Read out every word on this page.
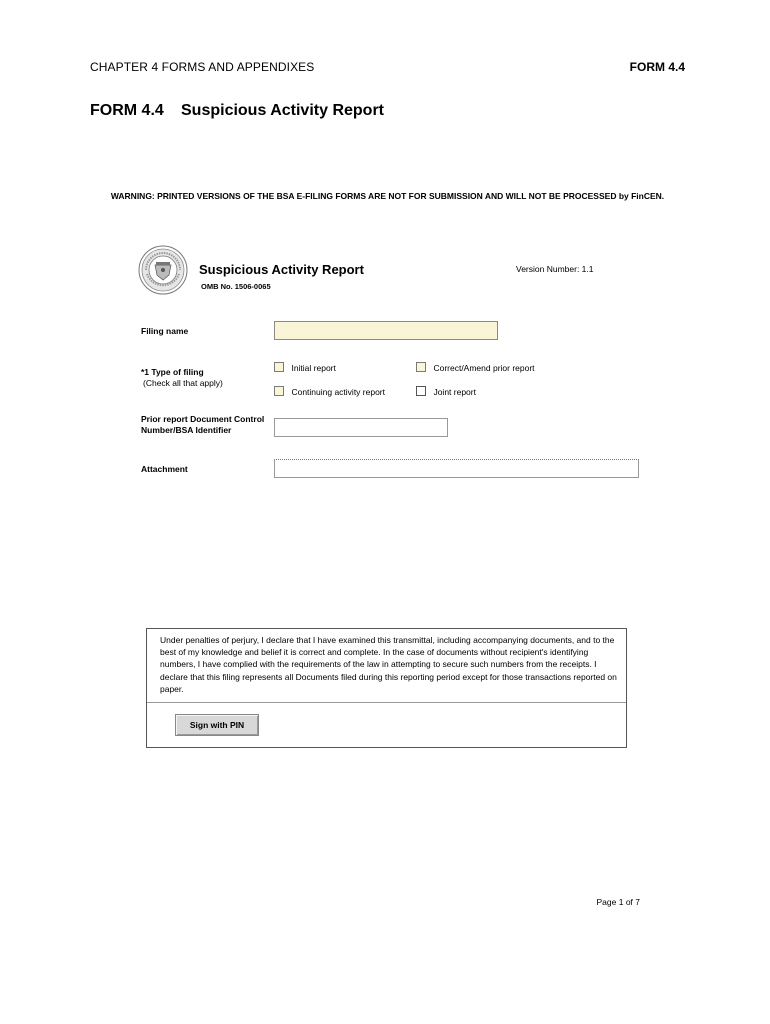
CHAPTER 4 FORMS AND APPENDIXES	FORM 4.4
FORM 4.4 Suspicious Activity Report
WARNING: PRINTED VERSIONS OF THE BSA E-FILING FORMS ARE NOT FOR SUBMISSION AND WILL NOT BE PROCESSED by FinCEN.
Suspicious Activity Report
OMB No. 1506-0065
Version Number: 1.1
Filing name
*1 Type of filing
(Check all that apply)
Initial report	Correct/Amend prior report
Continuing activity report	Joint report
Prior report Document Control
Number/BSA Identifier
Attachment
Under penalties of perjury, I declare that I have examined this transmittal, including accompanying documents, and to the best of my knowledge and belief it is correct and complete. In the case of documents without recipient's identifying numbers, I have complied with the requirements of the law in attempting to secure such numbers from the receipts. I declare that this filing represents all Documents filed during this reporting period except for those transactions reported on paper.
Sign with PIN
Page 1 of 7
